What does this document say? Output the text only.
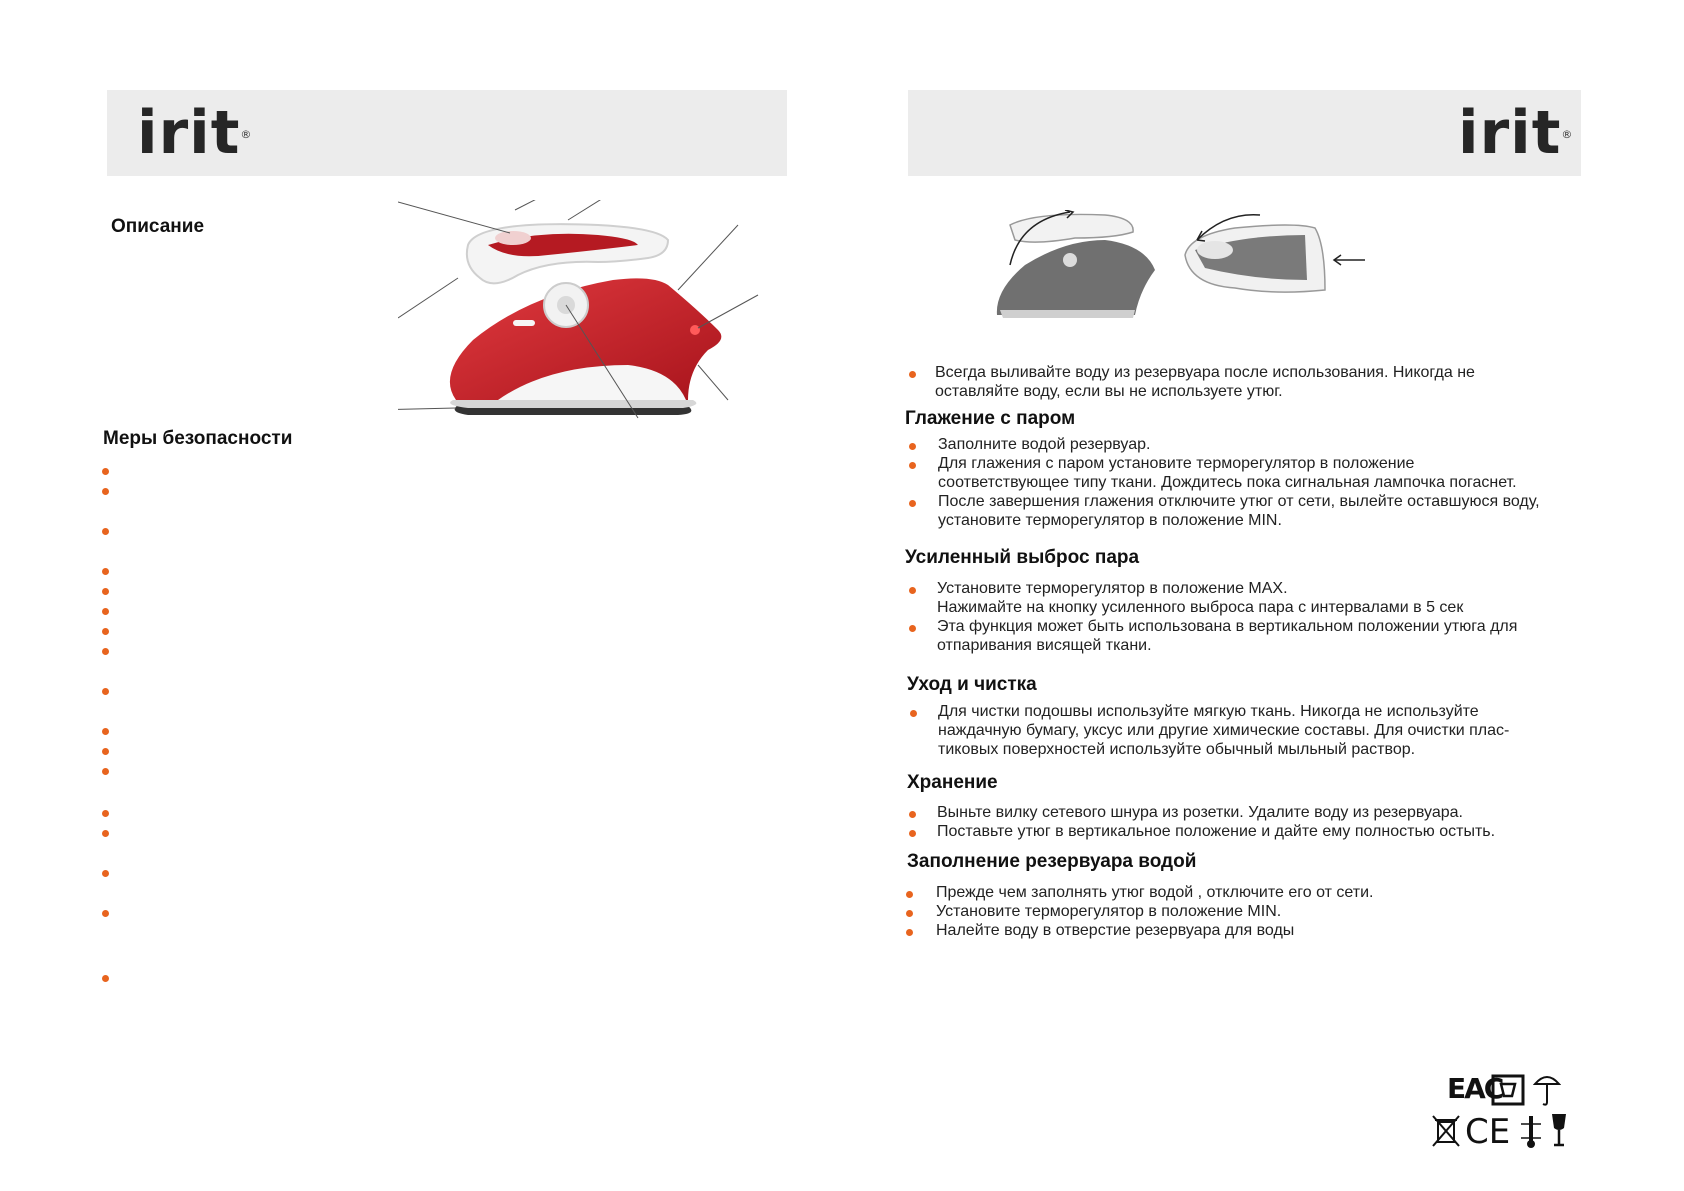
irit ®
Описание
Меры безопасности
irit ®
Всегда выливайте воду из резервуара после использования. Никогда не
оставляйте воду, если вы не используете утюг.
Глажение с паром
Заполните водой резервуар.
Для глажения с паром установите терморегулятор в положение
соответствующее типу ткани. Дождитесь пока сигнальная лампочка погаснет.
После завершения глажения отключите утюг от сети, вылейте оставшуюся воду,
установите терморегулятор в положение MIN.
Усиленный выброс пара
Установите терморегулятор в положение MAX.
Нажимайте на кнопку усиленного выброса пара с интервалами в 5 сек
Эта функция может быть использована в вертикальном положении утюга для
отпаривания висящей ткани.
Уход и чистка
Для чистки подошвы используйте мягкую ткань. Никогда не используйте
наждачную бумагу, уксус или другие химические составы. Для очистки плас-
тиковых поверхностей используйте обычный мыльный раствор.
Хранение
Выньте вилку сетевого шнура из розетки. Удалите воду из резервуара.
Поставьте утюг в вертикальное положение и дайте ему полностью остыть.
Заполнение резервуара водой
Прежде чем заполнять утюг водой , отключите его от сети.
Установите терморегулятор в положение MIN.
Налейте воду в отверстие резервуара для воды
EAC
CE
